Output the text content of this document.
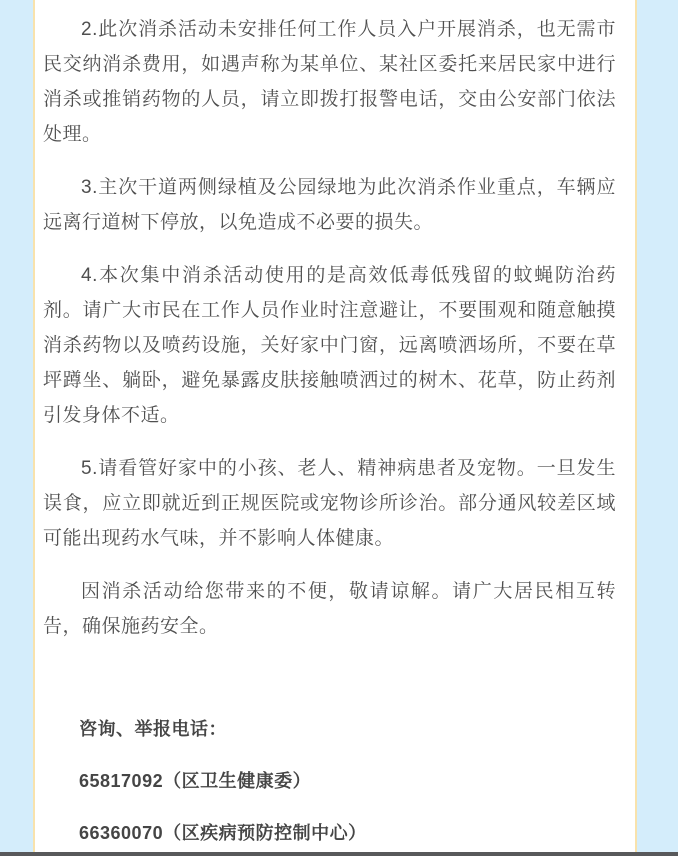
2.此次消杀活动未安排任何工作人员入户开展消杀，也无需市民交纳消杀费用，如遇声称为某单位、某社区委托来居民家中进行消杀或推销药物的人员，请立即拨打报警电话，交由公安部门依法处理。

3.主次干道两侧绿植及公园绿地为此次消杀作业重点，车辆应远离行道树下停放，以免造成不必要的损失。

4.本次集中消杀活动使用的是高效低毒低残留的蚊蝇防治药剂。请广大市民在工作人员作业时注意避让，不要围观和随意触摸消杀药物以及喷药设施，关好家中门窗，远离喷洒场所，不要在草坪蹲坐、躺卧，避免暴露皮肤接触喷洒过的树木、花草，防止药剂引发身体不适。

5.请看管好家中的小孩、老人、精神病患者及宠物。一旦发生误食，应立即就近到正规医院或宠物诊所诊治。部分通风较差区域可能出现药水气味，并不影响人体健康。

因消杀活动给您带来的不便，敬请谅解。请广大居民相互转告，确保施药安全。

咨询、举报电话：

65817092（区卫生健康委）

66360070（区疾病预防控制中心）
